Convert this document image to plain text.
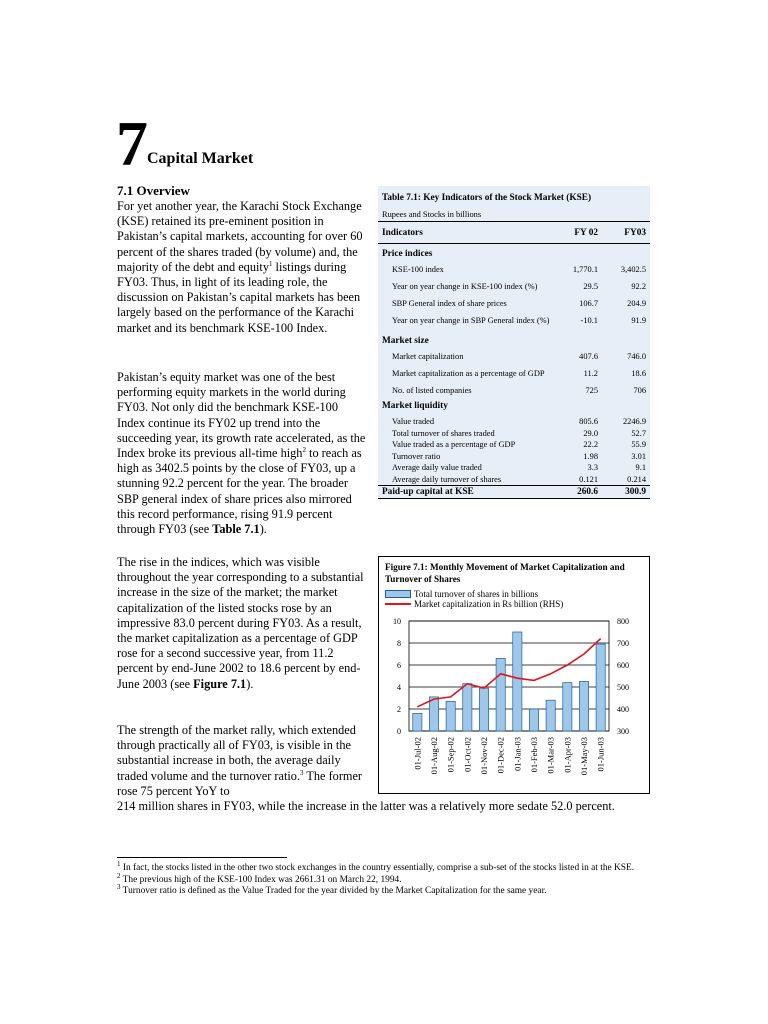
7 Capital Market
7.1 Overview

For yet another year, the Karachi Stock Exchange (KSE) retained its pre-eminent position in Pakistan’s capital markets, accounting for over 60 percent of the shares traded (by volume) and, the majority of the debt and equity$^1$ listings during FY03. Thus, in light of its leading role, the discussion on Pakistan’s capital markets has been largely based on the performance of the Karachi market and its benchmark KSE-100 Index.

Pakistan’s equity market was one of the best performing equity markets in the world during FY03. Not only did the benchmark KSE-100 Index continue its FY02 up trend into the succeeding year, its growth rate accelerated, as the Index broke its previous all-time high$^2$ to reach as high as 3402.5 points by the close of FY03, up a stunning 92.2 percent for the year. The broader SBP general index of share prices also mirrored this record performance, rising 91.9 percent through FY03 (see Table 7.1).

The rise in the indices, which was visible throughout the year corresponding to a substantial increase in the size of the market; the market capitalization of the listed stocks rose by an impressive 83.0 percent during FY03. As a result, the market capitalization as a percentage of GDP rose for a second successive year, from 11.2 percent by end-June 2002 to 18.6 percent by end-June 2003 (see Figure 7.1).

The strength of the market rally, which extended through practically all of FY03, is visible in the substantial increase in both, the average daily traded volume and the turnover ratio.$^3$ The former rose 75 percent YoY to

214 million shares in FY03, while the increase in the latter was a relatively more sedate 52.0 percent.
Table 7.1: Key Indicators of the Stock Market (KSE)		
Rupees and Stocks in billions		
Indicators	FY 02	FY03
Price indices		
KSE-100 index	1,770.1	3,402.5
Year on year change in KSE-100 index (%)	29.5	92.2
SBP General index of share prices	106.7	204.9
Year on year change in SBP General index (%)	-10.1	91.9
Market size		
Market capitalization	407.6	746.0
Market capitalization as a percentage of GDP	11.2	18.6
No. of listed companies	725	706
Market liquidity		
Value traded	805.6	2246.9
Total turnover of shares traded	29.0	52.7
Value traded as a percentage of GDP	22.2	55.9
Turnover ratio	1.98	3.01
Average daily value traded	3.3	9.1
Average daily turnover of shares	0.121	0.214
Paid-up capital at KSE	260.6	300.9
Figure 7.1: Monthly Movement of Market Capitalization and Turnover of Shares
Total turnover of shares in billions
Market capitalization in Rs billion (RHS)
0
2
4
6
8
10
300
400
500
600
700
800
01-Jul-02 01-Aug-02 01-Sep-02 01-Oct-02 01-Nov-02 01-Dec-02 01-Jan-03 01-Feb-03 01-Mar-03 01-Apr-03 01-May-03 01-Jun-03

$^1$ In fact, the stocks listed in the other two stock exchanges in the country essentially, comprise a sub-set of the stocks listed in at the KSE.

$^2$ The previous high of the KSE-100 Index was 2661.31 on March 22, 1994.

$^3$ Turnover ratio is defined as the Value Traded for the year divided by the Market Capitalization for the same year.
